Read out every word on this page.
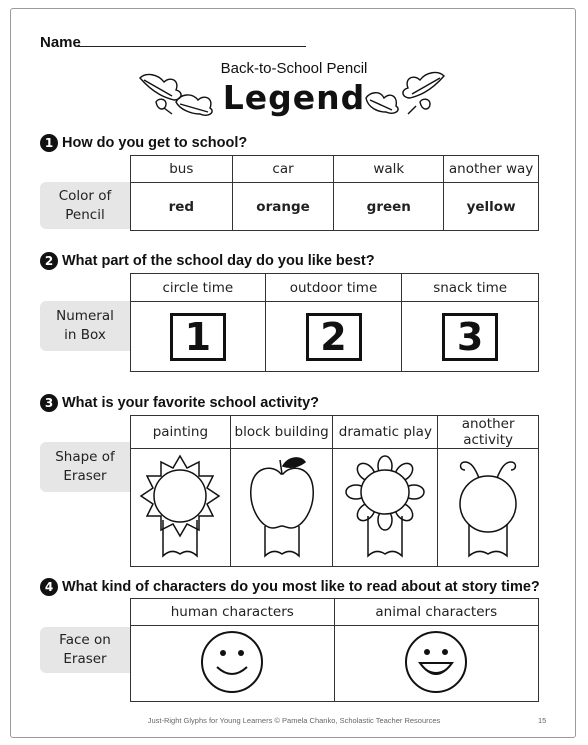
Name
Back-to-School Pencil
Legend
1 How do you get to school?
Color of
Pencil
bus	car	walk	another way
red	orange	green	yellow
2 What part of the school day do you like best?
Numeral
in Box
circle time	outdoor time	snack time
1	2	3
3 What is your favorite school activity?
Shape of
Eraser
painting	block building	dramatic play	another activity

4 What kind of characters do you most like to read about at story time?
Face on
Eraser
human characters	animal characters

Just-Right Glyphs for Young Learners © Pamela Chanko, Scholastic Teacher Resources	15
